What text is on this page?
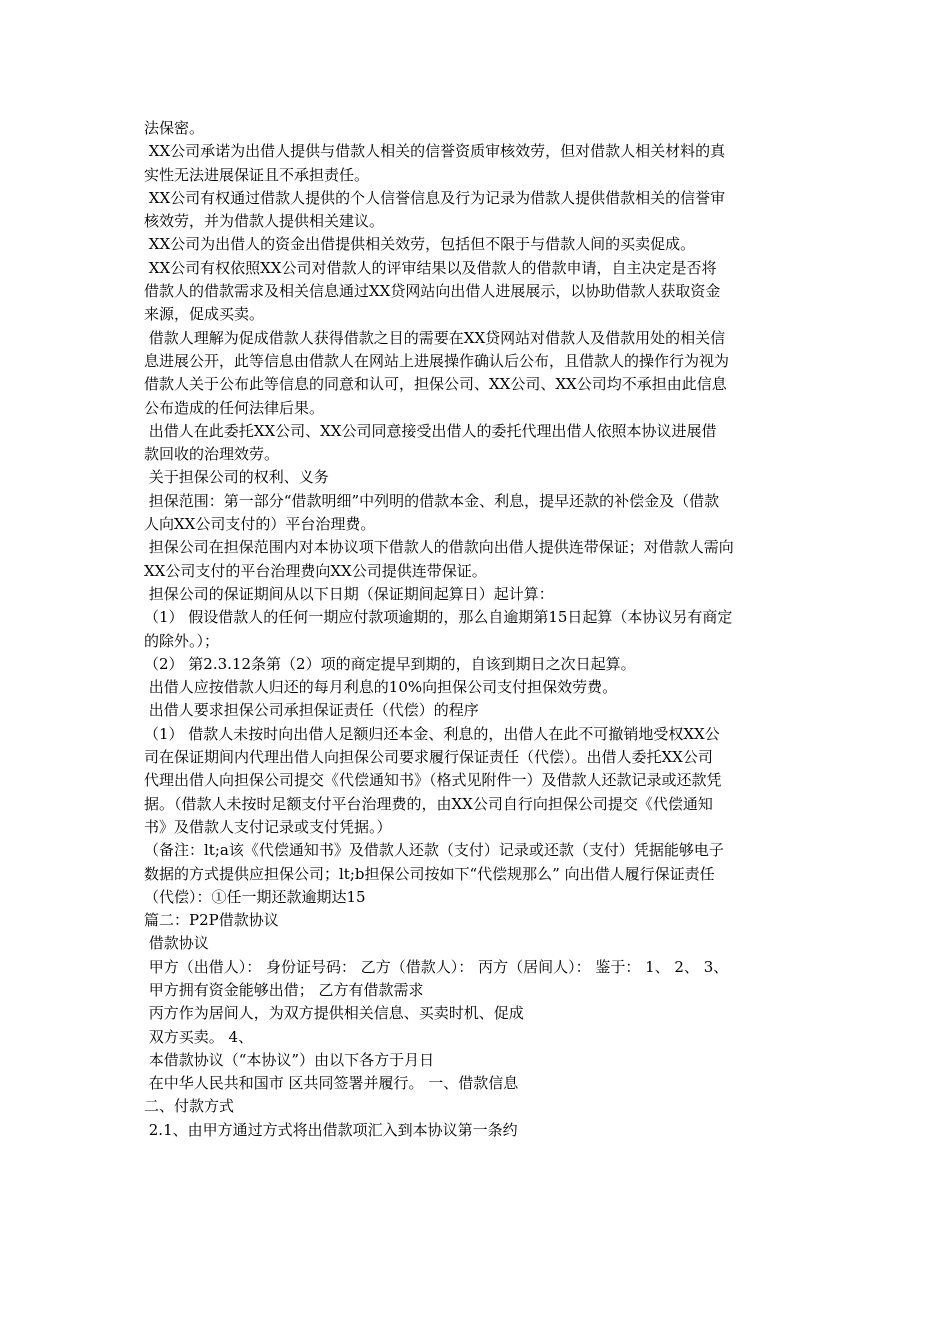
法保密。
XX公司承诺为出借人提供与借款人相关的信誉资质审核效劳，但对借款人相关材料的真
实性无法进展保证且不承担责任。
XX公司有权通过借款人提供的个人信誉信息及行为记录为借款人提供借款相关的信誉审
核效劳，并为借款人提供相关建议。
XX公司为出借人的资金出借提供相关效劳，包括但不限于与借款人间的买卖促成。
XX公司有权依照XX公司对借款人的评审结果以及借款人的借款申请，自主决定是否将
借款人的借款需求及相关信息通过XX贷网站向出借人进展展示，以协助借款人获取资金
来源，促成买卖。
借款人理解为促成借款人获得借款之目的需要在XX贷网站对借款人及借款用处的相关信
息进展公开，此等信息由借款人在网站上进展操作确认后公布，且借款人的操作行为视为
借款人关于公布此等信息的同意和认可，担保公司、XX公司、XX公司均不承担由此信息
公布造成的任何法律后果。
出借人在此委托XX公司、XX公司同意接受出借人的委托代理出借人依照本协议进展借
款回收的治理效劳。
关于担保公司的权利、义务
担保范围：第一部分“借款明细”中列明的借款本金、利息，提早还款的补偿金及（借款
人向XX公司支付的）平台治理费。
担保公司在担保范围内对本协议项下借款人的借款向出借人提供连带保证；对借款人需向
XX公司支付的平台治理费向XX公司提供连带保证。
担保公司的保证期间从以下日期（保证期间起算日）起计算：
（1） 假设借款人的任何一期应付款项逾期的，那么自逾期第15日起算（本协议另有商定
的除外。）；
（2） 第2.3.12条第（2）项的商定提早到期的，自该到期日之次日起算。
出借人应按借款人归还的每月利息的10%向担保公司支付担保效劳费。
出借人要求担保公司承担保证责任（代偿）的程序
（1） 借款人未按时向出借人足额归还本金、利息的，出借人在此不可撤销地受权XX公
司在保证期间内代理出借人向担保公司要求履行保证责任（代偿）。出借人委托XX公司
代理出借人向担保公司提交《代偿通知书》（格式见附件一）及借款人还款记录或还款凭
据。（借款人未按时足额支付平台治理费的，由XX公司自行向担保公司提交《代偿通知
书》及借款人支付记录或支付凭据。）
（备注：lt;a该《代偿通知书》及借款人还款（支付）记录或还款（支付）凭据能够电子
数据的方式提供应担保公司；lt;b担保公司按如下“代偿规那么” 向出借人履行保证责任
（代偿）：①任一期还款逾期达15
篇二：P2P借款协议
借款协议
甲方（出借人）： 身份证号码： 乙方（借款人）： 丙方（居间人）： 鉴于： 1、 2、 3、
甲方拥有资金能够出借； 乙方有借款需求
丙方作为居间人，为双方提供相关信息、买卖时机、促成
双方买卖。 4、
本借款协议（“本协议”）由以下各方于月日
在中华人民共和国市 区共同签署并履行。 一、借款信息
二、付款方式
2.1、由甲方通过方式将出借款项汇入到本协议第一条约
